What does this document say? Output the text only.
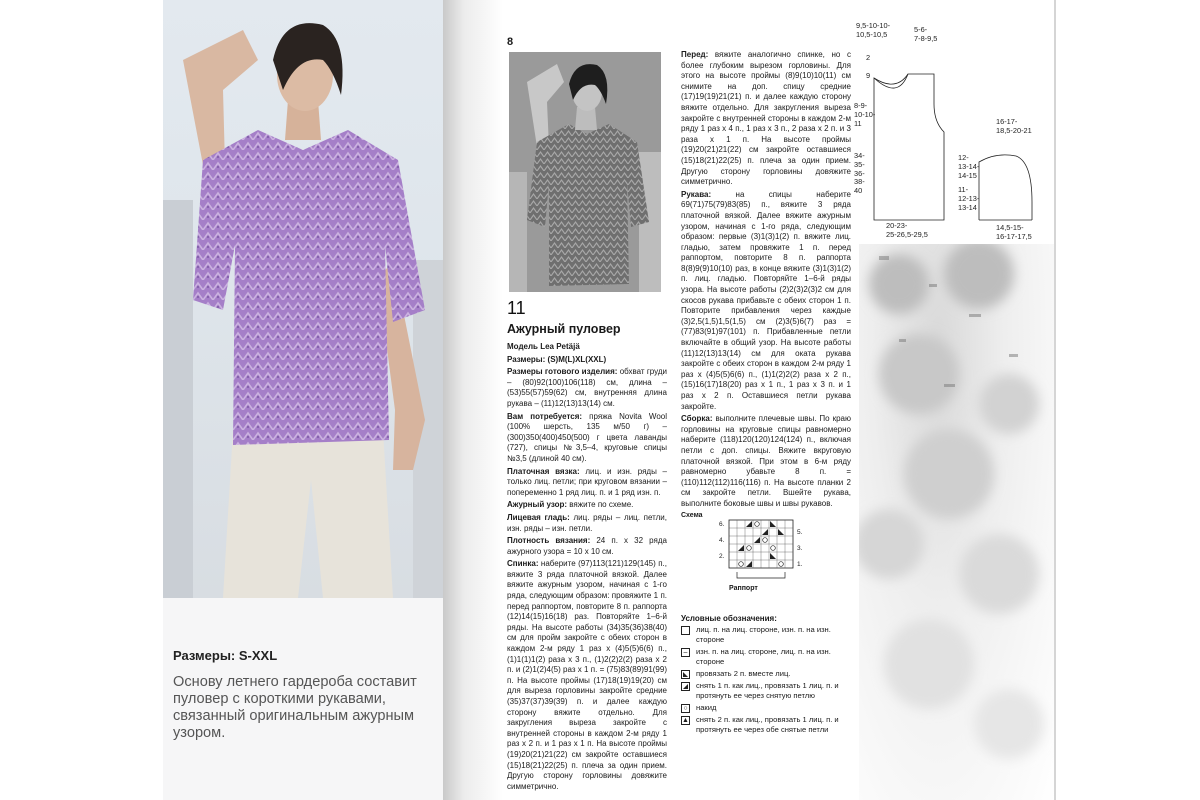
Размеры: S-XXL
Основу летнего гардероба составит пуловер с короткими рукавами, связанный оригинальным ажурным узором.
8
11
Ажурный пуловер

Модель Lea Petäjä

Размеры: (S)M(L)XL(XXL)

Размеры готового изделия: обхват груди – (80)92(100)106(118) см, длина – (53)55(57)59(62) см, внутренняя длина рукава – (11)12(13)13(14) см.

Вам потребуется: пряжа Novita Wool (100% шерсть, 135 м/50 г) – (300)350(400)450(500) г цвета лаванды (727), спицы №3,5–4, круговые спицы №3,5 (длиной 40 см).

Платочная вязка: лиц. и изн. ряды – только лиц. петли; при круговом вязании – попеременно 1 ряд лиц. п. и 1 ряд изн. п.

Ажурный узор: вяжите по схеме.

Лицевая гладь: лиц. ряды – лиц. петли, изн. ряды – изн. петли.

Плотность вязания: 24 п. х 32 ряда ажурного узора = 10 х 10 см.

Спинка: наберите (97)113(121)129(145) п., вяжите 3 ряда платочной вязкой. Далее вяжите ажурным узором, начиная с 1-го ряда, следующим образом: провяжите 1 п. перед раппортом, повторите 8 п. раппорта (12)14(15)16(18) раз. Повторяйте 1–6-й ряды. На высоте работы (34)35(36)38(40) см для пройм закройте с обеих сторон в каждом 2-м ряду 1 раз х (4)5(5)6(6) п., (1)1(1)1(2) раза х 3 п., (1)2(2)2(2) раза х 2 п. и (2)1(2)4(5) раз х 1 п. = (75)83(89)91(99) п. На высоте проймы (17)18(19)19(20) см для выреза горловины закройте средние (35)37(37)39(39) п. и далее каждую сторону вяжите отдельно. Для закругления выреза закройте с внутренней стороны в каждом 2-м ряду 1 раз х 2 п. и 1 раз х 1 п. На высоте проймы (19)20(21)21(22) см закройте оставшиеся (15)18(21)22(25) п. плеча за один прием. Другую сторону горловины довяжите симметрично.

Перед: вяжите аналогично спинке, но с более глубоким вырезом горловины. Для этого на высоте проймы (8)9(10)10(11) см снимите на доп. спицу средние (17)19(19)21(21) п. и далее каждую сторону вяжите отдельно. Для закругления выреза закройте с внутренней стороны в каждом 2-м ряду 1 раз х 4 п., 1 раз х 3 п., 2 раза х 2 п. и 3 раза х 1 п. На высоте проймы (19)20(21)21(22) см закройте оставшиеся (15)18(21)22(25) п. плеча за один прием. Другую сторону горловины довяжите симметрично.

Рукава: на спицы наберите 69(71)75(79)83(85) п., вяжите 3 ряда платочной вязкой. Далее вяжите ажурным узором, начиная с 1-го ряда, следующим образом: первые (3)1(3)1(2) п. вяжите лиц. гладью, затем провяжите 1 п. перед раппортом, повторите 8 п. раппорта 8(8)9(9)10(10) раз, в конце вяжите (3)1(3)1(2) п. лиц. гладью. Повторяйте 1–6-й ряды узора. На высоте работы (2)2(3)2(3)2 см для скосов рукава прибавьте с обеих сторон 1 п. Повторите прибавления через каждые (3)2,5(1,5)1,5(1,5) см (2)3(5)6(7) раз = (77)83(91)97(101) п. Прибавленные петли включайте в общий узор. На высоте работы (11)12(13)13(14) см для оката рукава закройте с обеих сторон в каждом 2-м ряду 1 раз х (4)5(5)6(6) п., (1)1(2)2(2) раза х 2 п., (15)16(17)18(20) раз х 1 п., 1 раз х 3 п. и 1 раз х 2 п. Оставшиеся петли рукава закройте.

Сборка: выполните плечевые швы. По краю горловины на круговые спицы равномерно наберите (118)120(120)124(124) п., включая петли с доп. спицы. Вяжите вкруговую платочной вязкой. При этом в 6-м ряду равномерно убавьте 8 п. = (110)112(112)116(116) п. На высоте планки 2 см закройте петли. Вшейте рукава, выполните боковые швы и швы рукавов.

Схема
6.
4.
2.
5.
3.
1.
Раппорт
Условные обозначения:
лиц. п. на лиц. стороне, изн. п. на изн. стороне
–	изн. п. на лиц. стороне, лиц. п. на изн. стороне
провязать 2 п. вместе лиц.
снять 1 п. как лиц., провязать 1 лиц. п. и протянуть ее через снятую петлю
○	накид
▲ снять 2 п. как лиц., провязать 1 лиц. п. и протянуть ее через обе снятые петли
9,5-10-10-
10,5-10,5
2
9
8-9-
10-10-
11
34-
35-
36-
38-
40
20-23-
25-26,5-29,5
5-6-
7-8-9,5
16-17-
18,5-20-21
12-
13-14-
14-15
11-
12-13-
13-14
14,5-15-
16-17-17,5
